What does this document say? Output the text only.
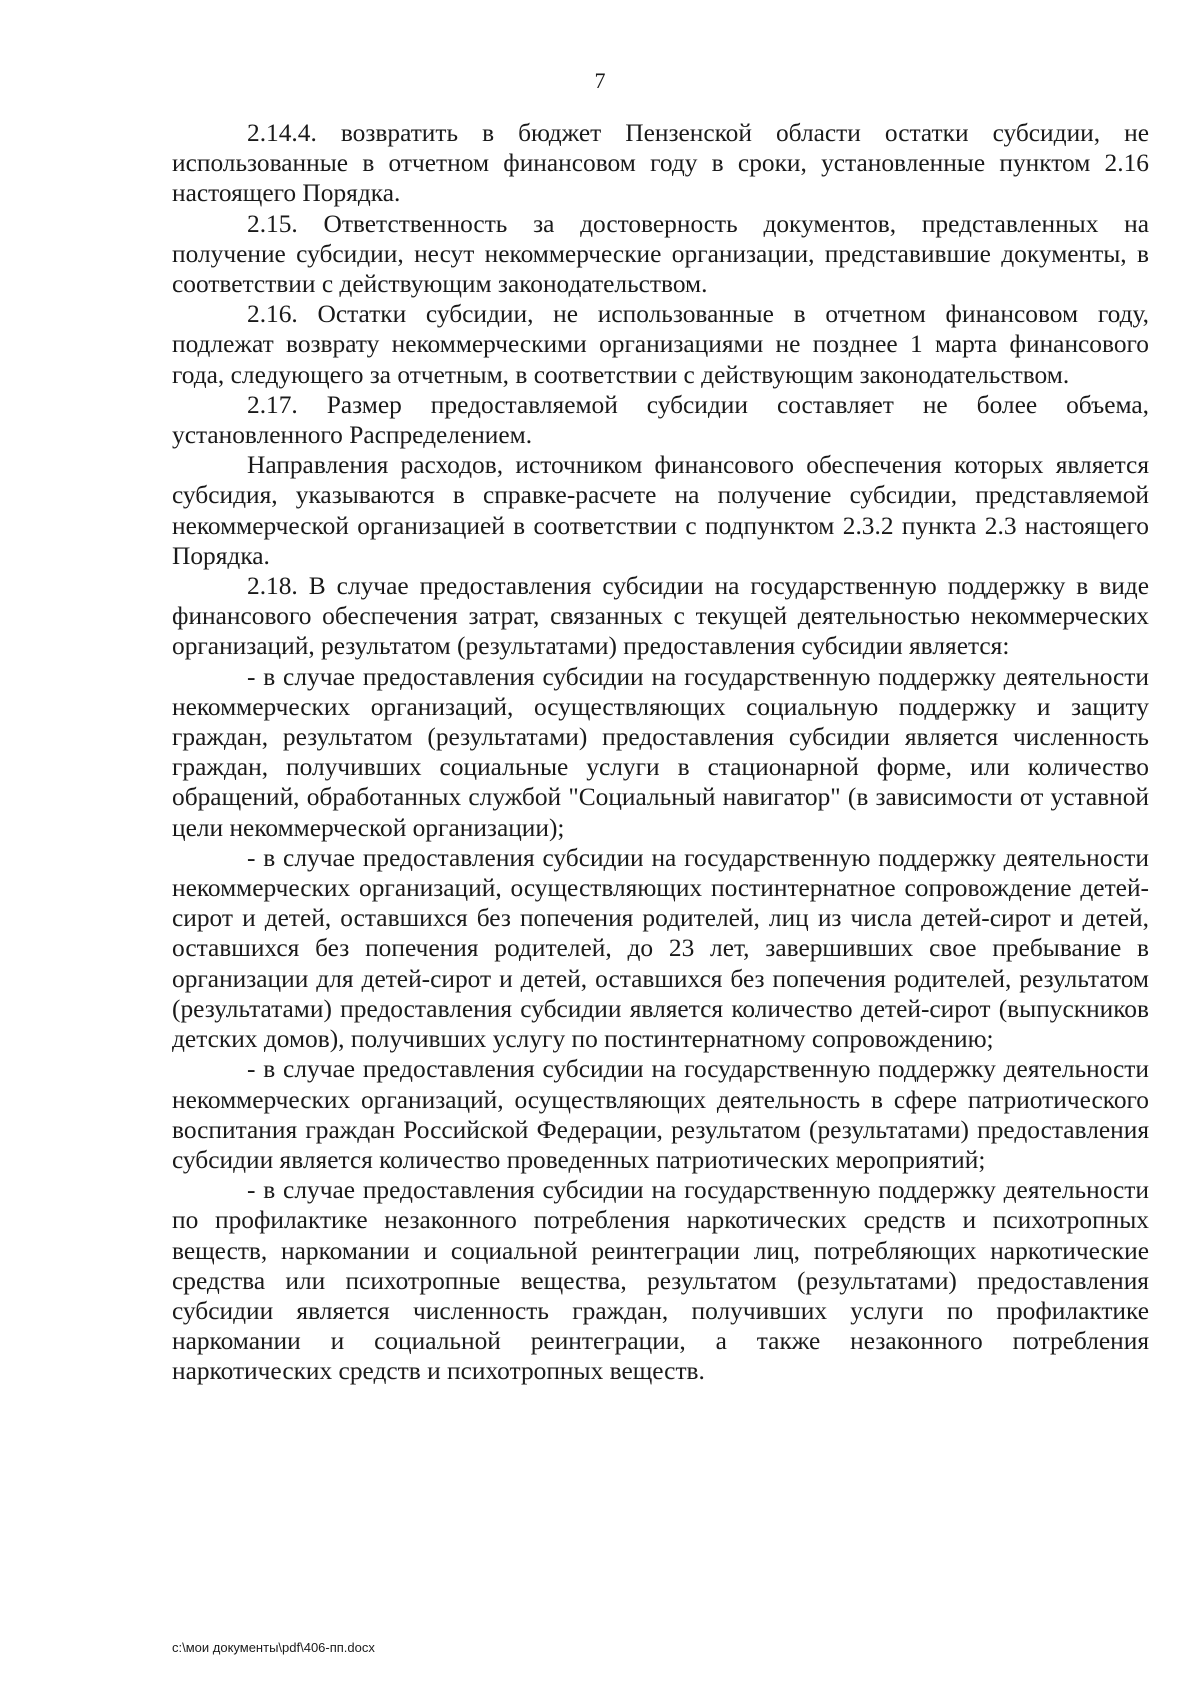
7

2.14.4. возвратить в бюджет Пензенской области остатки субсидии, не использованные в отчетном финансовом году в сроки, установленные пунктом 2.16 настоящего Порядка.

2.15. Ответственность за достоверность документов, представленных на получение субсидии, несут некоммерческие организации, представившие документы, в соответствии с действующим законодательством.

2.16. Остатки субсидии, не использованные в отчетном финансовом году, подлежат возврату некоммерческими организациями не позднее 1 марта финансового года, следующего за отчетным, в соответствии с действующим законодательством.

2.17. Размер предоставляемой субсидии составляет не более объема, установленного Распределением.

Направления расходов, источником финансового обеспечения которых является субсидия, указываются в справке-расчете на получение субсидии, представляемой некоммерческой организацией в соответствии с подпунктом 2.3.2 пункта 2.3 настоящего Порядка.

2.18. В случае предоставления субсидии на государственную поддержку в виде финансового обеспечения затрат, связанных с текущей деятельностью некоммерческих организаций, результатом (результатами) предоставления субсидии является:

- в случае предоставления субсидии на государственную поддержку деятельности некоммерческих организаций, осуществляющих социальную поддержку и защиту граждан, результатом (результатами) предоставления субсидии является численность граждан, получивших социальные услуги в стационарной форме, или количество обращений, обработанных службой "Социальный навигатор" (в зависимости от уставной цели некоммерческой организации);

- в случае предоставления субсидии на государственную поддержку деятельности некоммерческих организаций, осуществляющих постинтернатное сопровождение детей-сирот и детей, оставшихся без попечения родителей, лиц из числа детей-сирот и детей, оставшихся без попечения родителей, до 23 лет, завершивших свое пребывание в организации для детей-сирот и детей, оставшихся без попечения родителей, результатом (результатами) предоставления субсидии является количество детей-сирот (выпускников детских домов), получивших услугу по постинтернатному сопровождению;

- в случае предоставления субсидии на государственную поддержку деятельности некоммерческих организаций, осуществляющих деятельность в сфере патриотического воспитания граждан Российской Федерации, результатом (результатами) предоставления субсидии является количество проведенных патриотических мероприятий;

- в случае предоставления субсидии на государственную поддержку деятельности по профилактике незаконного потребления наркотических средств и психотропных веществ, наркомании и социальной реинтеграции лиц, потребляющих наркотические средства или психотропные вещества, результатом (результатами) предоставления субсидии является численность граждан, получивших услуги по профилактике наркомании и социальной реинтеграции, а также незаконного потребления наркотических средств и психотропных веществ.

c:\мои документы\pdf\406-пп.docx
